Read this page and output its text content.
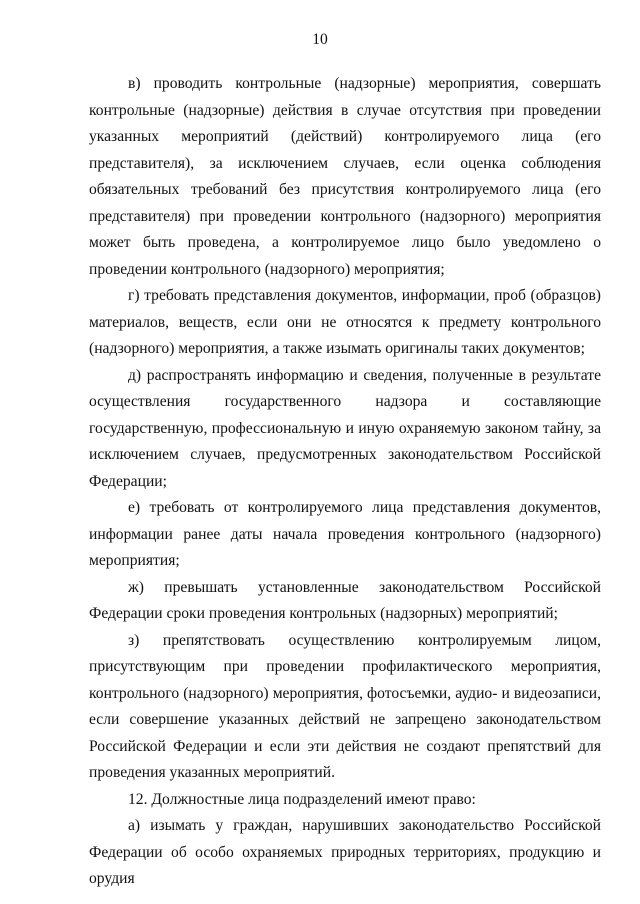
10

в) проводить контрольные (надзорные) мероприятия, совершать контрольные (надзорные) действия в случае отсутствия при проведении указанных мероприятий (действий) контролируемого лица (его представителя), за исключением случаев, если оценка соблюдения обязательных требований без присутствия контролируемого лица (его представителя) при проведении контрольного (надзорного) мероприятия может быть проведена, а контролируемое лицо было уведомлено о проведении контрольного (надзорного) мероприятия;

г) требовать представления документов, информации, проб (образцов) материалов, веществ, если они не относятся к предмету контрольного (надзорного) мероприятия, а также изымать оригиналы таких документов;

д) распространять информацию и сведения, полученные в результате осуществления государственного надзора и составляющие государственную, профессиональную и иную охраняемую законом тайну, за исключением случаев, предусмотренных законодательством Российской Федерации;

е) требовать от контролируемого лица представления документов, информации ранее даты начала проведения контрольного (надзорного) мероприятия;

ж) превышать установленные законодательством Российской Федерации сроки проведения контрольных (надзорных) мероприятий;

з) препятствовать осуществлению контролируемым лицом, присутствующим при проведении профилактического мероприятия, контрольного (надзорного) мероприятия, фотосъемки, аудио- и видеозаписи, если совершение указанных действий не запрещено законодательством Российской Федерации и если эти действия не создают препятствий для проведения указанных мероприятий.

12. Должностные лица подразделений имеют право:

а) изымать у граждан, нарушивших законодательство Российской Федерации об особо охраняемых природных территориях, продукцию и орудия
